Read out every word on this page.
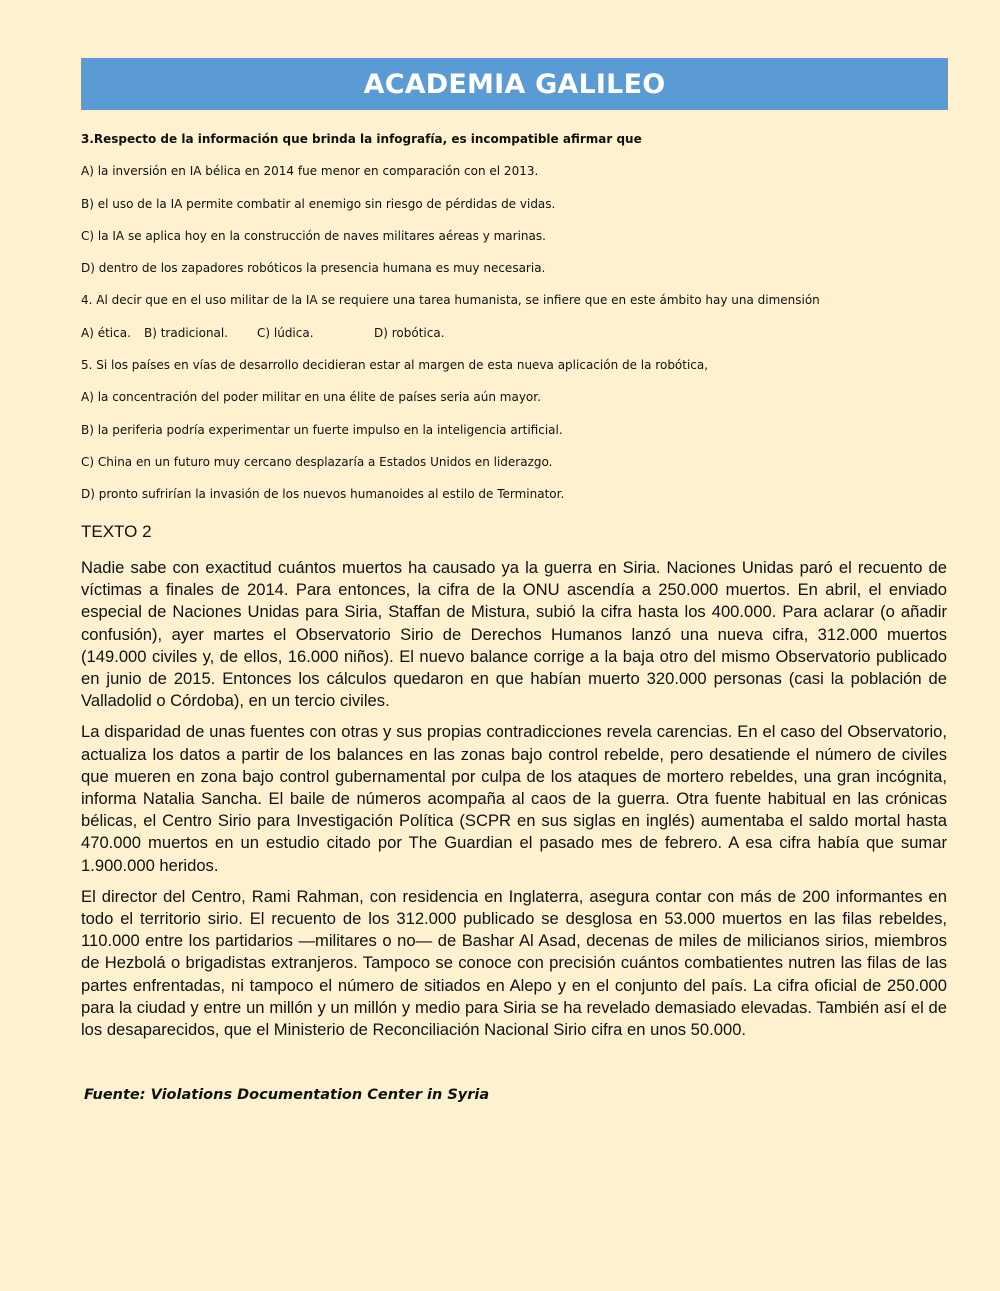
ACADEMIA GALILEO
3.Respecto de la información que brinda la infografía, es incompatible afirmar que
A) la inversión en IA bélica en 2014 fue menor en comparación con el 2013.
B) el uso de la IA permite combatir al enemigo sin riesgo de pérdidas de vidas.
C) la IA se aplica hoy en la construcción de naves militares aéreas y marinas.
D) dentro de los zapadores robóticos la presencia humana es muy necesaria.
4. Al decir que en el uso militar de la IA se requiere una tarea humanista, se infiere que en este ámbito hay una dimensión
A) ética. B) tradicional. C) lúdica.	D) robótica.
5. Si los países en vías de desarrollo decidieran estar al margen de esta nueva aplicación de la robótica,
A) la concentración del poder militar en una élite de países seria aún mayor.
B) la periferia podría experimentar un fuerte impulso en la inteligencia artificial.
C) China en un futuro muy cercano desplazaría a Estados Unidos en liderazgo.
D) pronto sufrirían la invasión de los nuevos humanoides al estilo de Terminator.
TEXTO 2

Nadie sabe con exactitud cuántos muertos ha causado ya la guerra en Siria. Naciones Unidas paró el recuento de víctimas a finales de 2014. Para entonces, la cifra de la ONU ascendía a 250.000 muertos. En abril, el enviado especial de Naciones Unidas para Siria, Staffan de Mistura, subió la cifra hasta los 400.000. Para aclarar (o añadir confusión), ayer martes el Observatorio Sirio de Derechos Humanos lanzó una nueva cifra, 312.000 muertos (149.000 civiles y, de ellos, 16.000 niños). El nuevo balance corrige a la baja otro del mismo Observatorio publicado en junio de 2015. Entonces los cálculos quedaron en que habían muerto 320.000 personas (casi la población de Valladolid o Córdoba), en un tercio civiles.

La disparidad de unas fuentes con otras y sus propias contradicciones revela carencias. En el caso del Observatorio, actualiza los datos a partir de los balances en las zonas bajo control rebelde, pero desatiende el número de civiles que mueren en zona bajo control gubernamental por culpa de los ataques de mortero rebeldes, una gran incógnita, informa Natalia Sancha. El baile de números acompaña al caos de la guerra. Otra fuente habitual en las crónicas bélicas, el Centro Sirio para Investigación Política (SCPR en sus siglas en inglés) aumentaba el saldo mortal hasta 470.000 muertos en un estudio citado por The Guardian el pasado mes de febrero. A esa cifra había que sumar 1.900.000 heridos.

El director del Centro, Rami Rahman, con residencia en Inglaterra, asegura contar con más de 200 informantes en todo el territorio sirio. El recuento de los 312.000 publicado se desglosa en 53.000 muertos en las filas rebeldes, 110.000 entre los partidarios —militares o no— de Bashar Al Asad, decenas de miles de milicianos sirios, miembros de Hezbolá o brigadistas extranjeros. Tampoco se conoce con precisión cuántos combatientes nutren las filas de las partes enfrentadas, ni tampoco el número de sitiados en Alepo y en el conjunto del país. La cifra oficial de 250.000 para la ciudad y entre un millón y un millón y medio para Siria se ha revelado demasiado elevadas. También así el de los desaparecidos, que el Ministerio de Reconciliación Nacional Sirio cifra en unos 50.000.

Fuente: Violations Documentation Center in Syria
